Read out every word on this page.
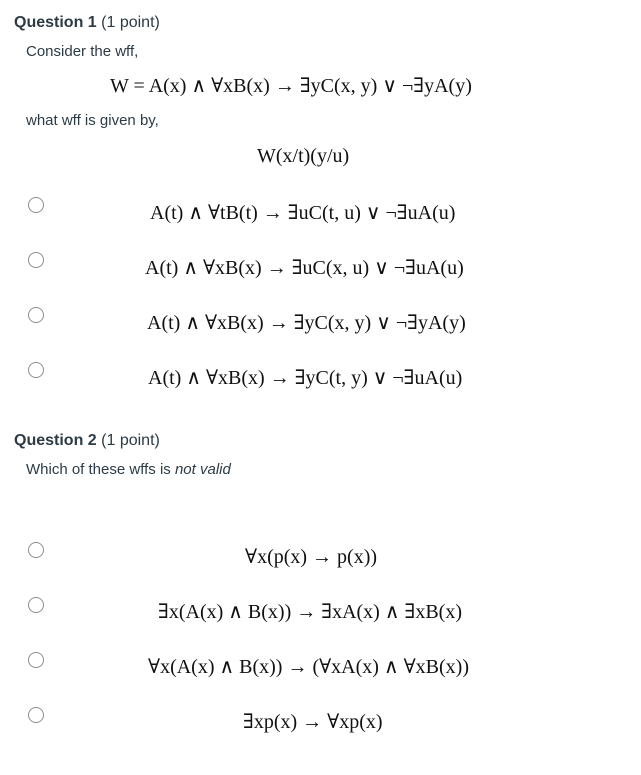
Question 1 (1 point)
Consider the wff,
W = A(x) ∧ ∀xB(x) → ∃yC(x, y) ∨ ¬∃yA(y)
what wff is given by,
W(x/t)(y/u)
A(t) ∧ ∀tB(t) → ∃uC(t, u) ∨ ¬∃uA(u)
A(t) ∧ ∀xB(x) → ∃uC(x, u) ∨ ¬∃uA(u)
A(t) ∧ ∀xB(x) → ∃yC(x, y) ∨ ¬∃yA(y)
A(t) ∧ ∀xB(x) → ∃yC(t, y) ∨ ¬∃uA(u)
Question 2 (1 point)
Which of these wffs is not valid
∀x(p(x) → p(x))
∃x(A(x) ∧ B(x)) → ∃xA(x) ∧ ∃xB(x)
∀x(A(x) ∧ B(x)) → (∀xA(x) ∧ ∀xB(x))
∃xp(x) → ∀xp(x)
